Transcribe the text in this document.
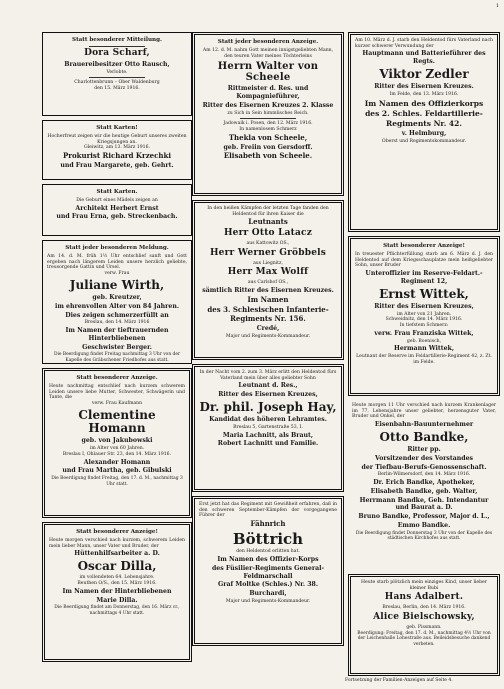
1
Statt besonderer Mitteilung.
Dora Scharf,
Brauereibesitzer Otto Rausch,
Verlobte.
Charlottenbrunn – Ober Waldenburg
den 15. März 1916.
Statt Karten!
Hocherfreut zeigen wir die heutige Geburt unseres zweiten Kriegsjungen an.
Gleiwitz, am 13. März 1916.
Prokurist Richard Krzechki
und Frau Margarete, geb. Gehrt.
Statt Karten.
Die Geburt eines Mädels zeigen an
Architekt Herbert Ernst
und Frau Erna, geb. Streckenbach.
Statt jeder besonderen Meldung.
Am 14. d. M. früh 1½ Uhr entschlief sanft und Gott ergeben nach längerem Leiden unsere herzlich geliebte, treusorgende Gattin und Ursel.
verw. Frau
Juliane Wirth,
geb. Kreutzer,
im ehrenvollen Alter von 84 Jahren.
Dies zeigen schmerzerfüllt an
Breslau, den 14. März 1916
Im Namen der tieftrauernden Hinterbliebenen
Geschwister Berger.
Die Beerdigung findet Freitag nachmittag 3 Uhr von der Kapelle des Gräbschener Friedhofes aus statt.
Statt besonderer Anzeige.
Heute nachmittag entschlief nach kurzem schwerem Leiden unsere liebe Mutter, Schwester, Schwägerin und Tante, die
verw. Frau Kaufmann
Clementine Homann
geb. von Jakubowski
im Alter von 60 Jahren.
Breslau I, Ohlauer Str. 23, den 14. März 1916.
Alexander Homann
und Frau Martha, geb. Gibulski
Die Beerdigung findet Freitag, den 17. d. M., nachmittag 3 Uhr statt.
Statt besonderer Anzeige!
Heute morgen verschied nach kurzem, schwerem Leiden mein lieber Mann, unser Vater und Bruder, der
Hüttenhilfsarbeiter a. D.
Oscar Dilla,
im vollendeten 64. Lebensjahre.
Beuthen O/S., den 15. März 1916.
Im Namen der Hinterbliebenen
Marie Dilla.
Die Beerdigung findet am Donnerstag, den 16. März cr., nachmittags 4 Uhr statt.
Statt jeder besonderen Anzeige.
Am 12. d. M. nahm Gott meinen innigstgeliebten Mann, den teuren Vater meines Töchterleins
Herrn Walter von Scheele
Rittmeister d. Res. und Kompagnieführer,
Ritter des Eisernen Kreuzes 2. Klasse
zu Sich in Sein himmlisches Reich.
Jadowaik i. Posen, den 12. März 1916.
In namenlosem Schmerz
Thekla von Scheele,
geb. Freiin von Gersdorff.
Elisabeth von Scheele.
In den heißen Kämpfen der letzten Tage fanden den Heldentod für ihren Kaiser die
Leutnants
Herr Otto Latacz
aus Kattowitz OS.,
Herr Werner Gröbbels
aus Liegnitz,
Herr Max Wolff
aus Carlshof OS.,
sämtlich Ritter des Eisernen Kreuzes.
Im Namen
des 3. Schlesischen Infanterie-
Regiments Nr. 156.
Credé,
Major und Regiments-Kommandeur.
In der Nacht vom 2. zum 3. März erlitt den Heldentod fürs Vaterland mein über alles geliebter Sohn
Leutnant d. Res.,
Ritter des Eisernen Kreuzes,
Dr. phil. Joseph Hay,
Kandidat des höheren Lehramtes.
Breslau 5, Gartenstraße 53, I.
Maria Lachnitt, als Braut,
Robert Lachnitt und Familie.
Erst jetzt hat das Regiment mit Gewißheit erfahren, daß in den schweren September-Kämpfen der vorgegangene Führer der
Fähnrich
Böttrich
den Heldentod erlitten hat.
Im Namen des Offizier-Korps
des Füsilier-Regiments General-Feldmarschall
Graf Moltke (Schles.) Nr. 38.
Burchardi,
Major und Regiments-Kommandeur.
Am 10. März d. J. starb den Heldentod fürs Vaterland nach kurzer schwerer Verwundung der
Hauptmann und Batterieführer des Regts.
Viktor Zedler
Ritter des Eisernen Kreuzes.
Im Felde, den 13. März 1916.
Im Namen des Offizierkorps
des 2. Schles. Feldartillerie-
Regiments Nr. 42.
v. Helmburg,
Oberst und Regimentskommandeur.
Statt besonderer Anzeige!
In treuester Pflichterfüllung starb am 6. März d. J. den Heldentod auf dem Kriegsschauplatze mein heißgeliebter Sohn, unser Bruder
Unteroffizier im Reserve-Feldart.-Regiment 12,
Ernst Wittek,
Ritter des Eisernen Kreuzes,
im Alter von 21 Jahren.
Schweidnitz, den 14. März 1916.
In tiefstem Schmerz:
verw. Frau Franziska Wittek,
geb. Boenisch,
Hermann Wittek,
Leutnant der Reserve im Feldartillerie-Regiment 42, z. Zt. im Felde.
Heute morgen 11 Uhr verschied nach kurzem Krankenlager im 77. Lebensjahre unser geliebter, herzensguter Vater, Bruder und Onkel, der
Eisenbahn-Bauunternehmer
Otto Bandke,
Ritter pp.
Vorsitzender des Vorstandes
der Tiefbau-Berufs-Genossenschaft.
Berlin-Wilmersdorf, den 14. März 1916.
Dr. Erich Bandke, Apotheker,
Elisabeth Bandke, geb. Walter,
Herrmann Bandke, Geh. Intendantur und Baurat a. D.
Bruno Bandke, Professor, Major d. L.,
Emmo Bandke.
Die Beerdigung findet Donnerstag 3 Uhr von der Kapelle des städtischen Kirchhofes aus statt.
Heute starb plötzlich mein einziges Kind, unser lieber kleiner Bubi
Hans Adalbert.
Breslau, Berlin, den 14. März 1916.
Alice Bielschowsky,
geb. Pissmann.
Beerdigung: Freitag, den 17. d. M., nachmittag 4½ Uhr von der Leichenhalle Lohestraße aus. Beileidsbesuche dankend verbeten.
Fortsetzung der Familien-Anzeigen auf Seite 4.
